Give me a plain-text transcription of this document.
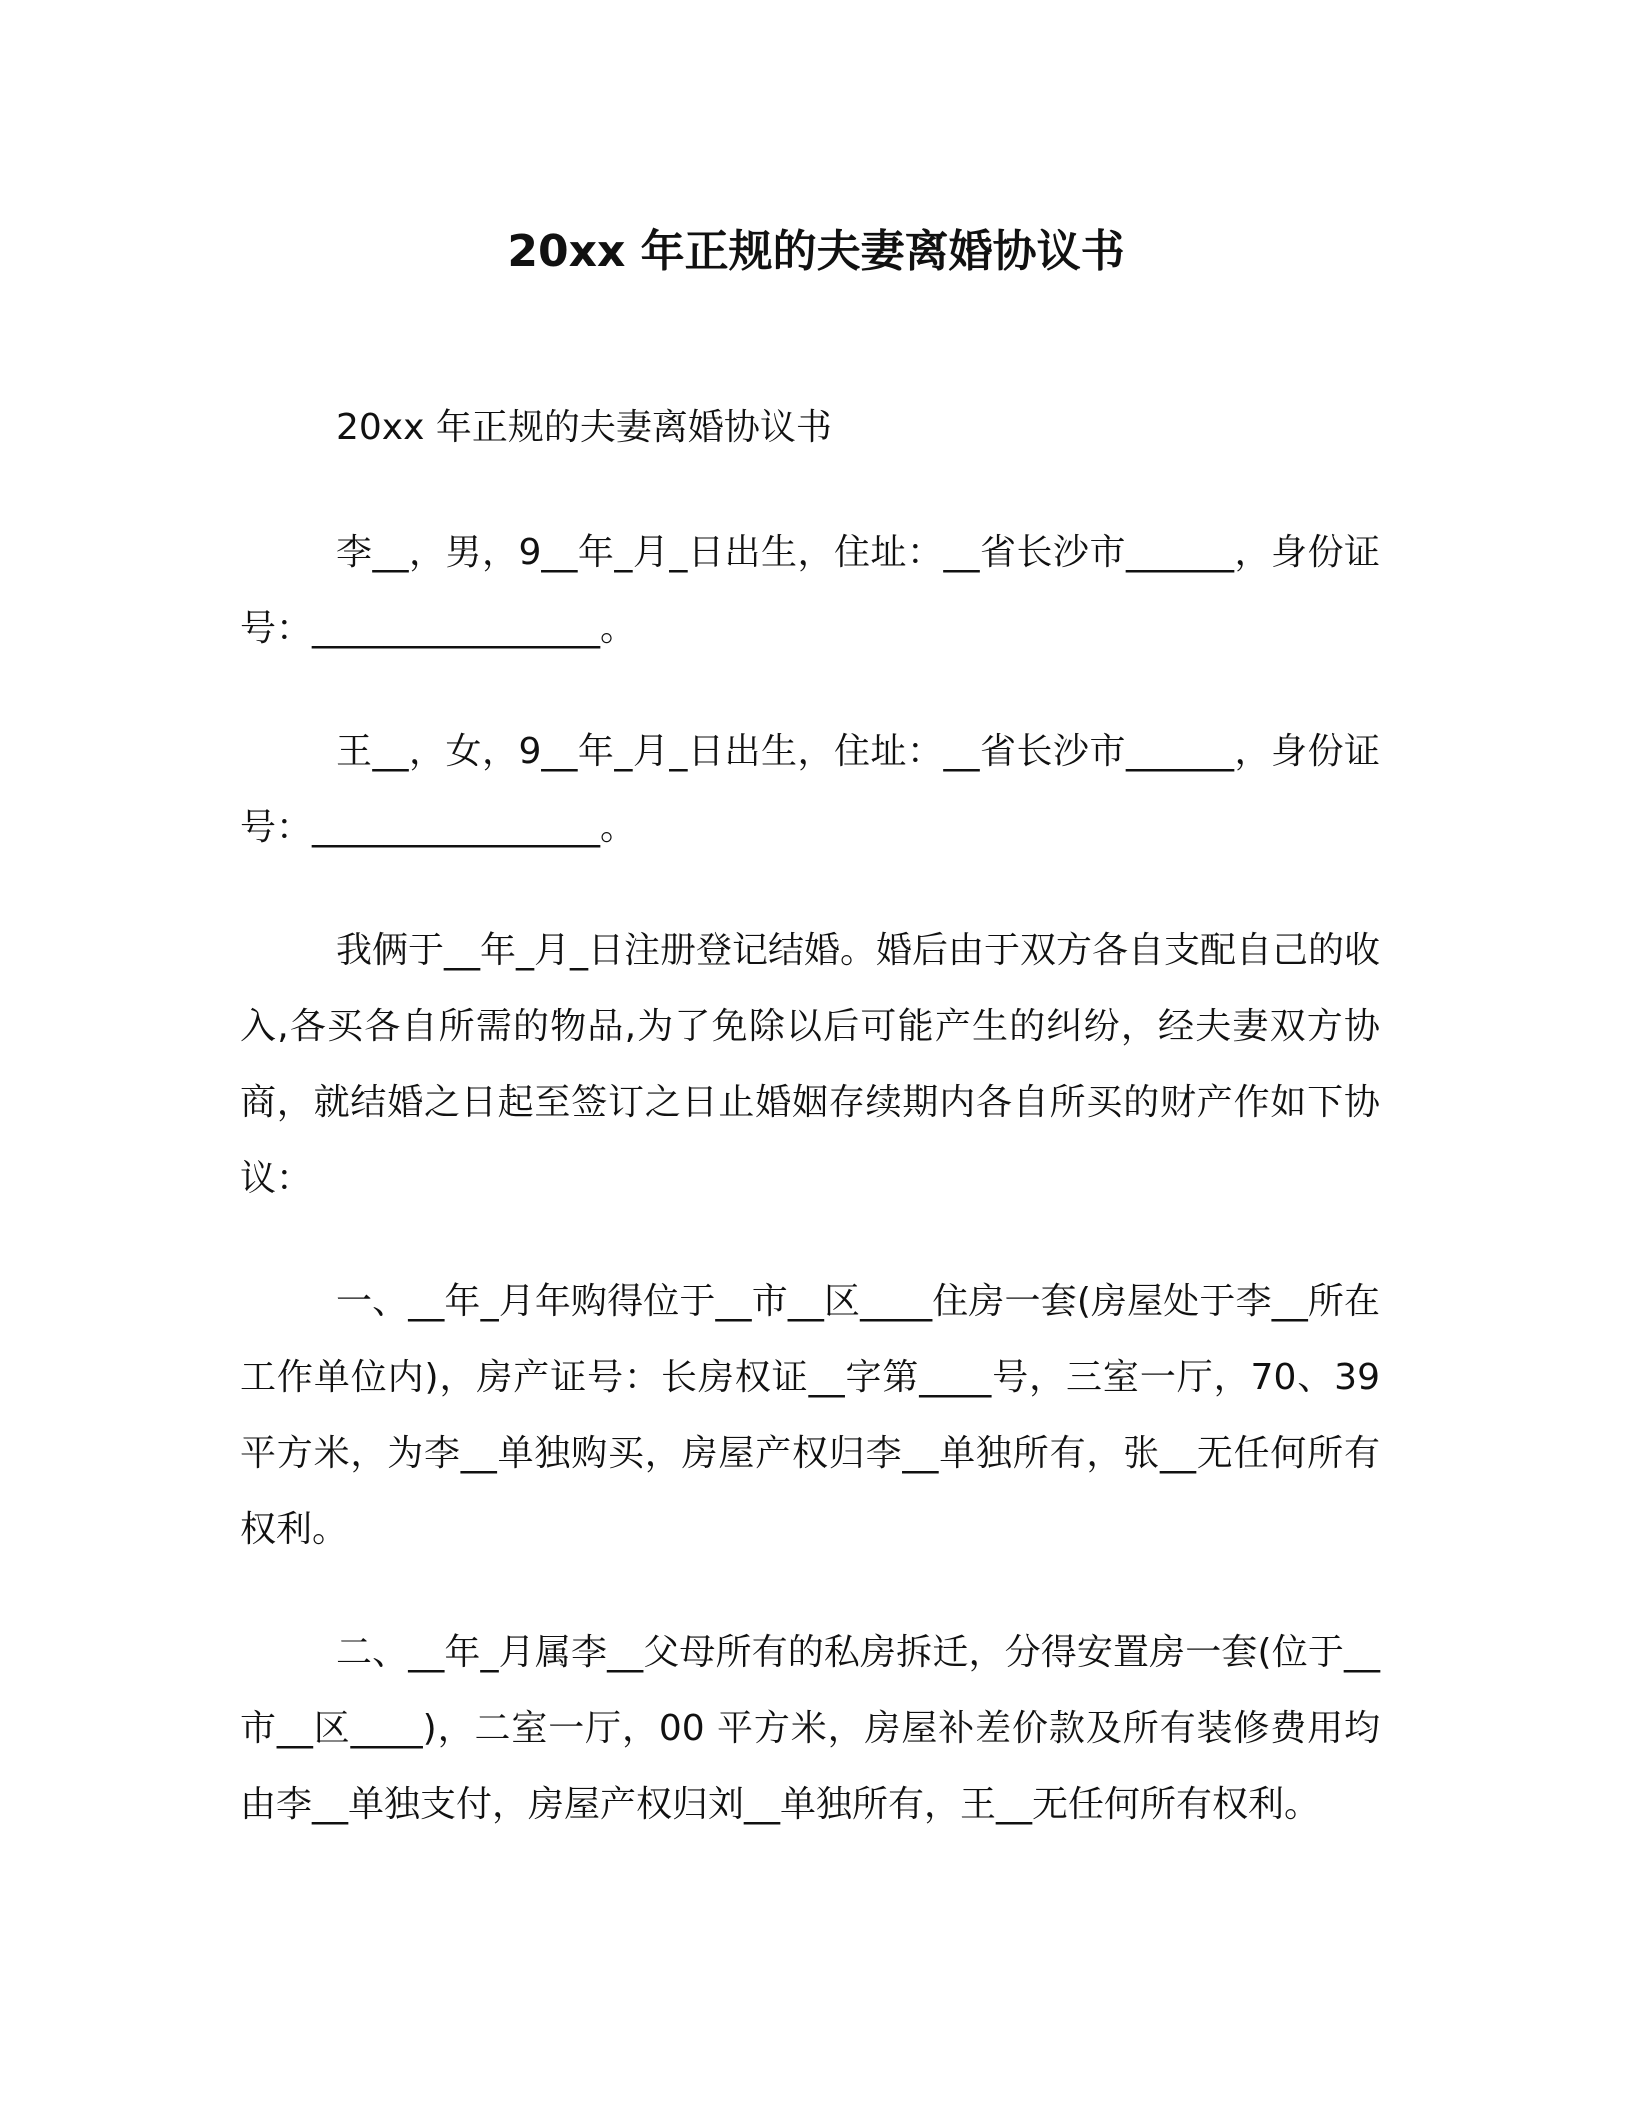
20xx 年正规的夫妻离婚协议书

20xx 年正规的夫妻离婚协议书

李__，男，9__年_月_日出生，住址：__省长沙市______，身份证号：________________。

王__，女，9__年_月_日出生，住址：__省长沙市______，身份证号：________________。

我俩于__年_月_日注册登记结婚。婚后由于双方各自支配自己的收入,各买各自所需的物品,为了免除以后可能产生的纠纷，经夫妻双方协商，就结婚之日起至签订之日止婚姻存续期内各自所买的财产作如下协议：

一、__年_月年购得位于__市__区____住房一套(房屋处于李__所在工作单位内)，房产证号：长房权证__字第____号，三室一厅，70、39 平方米，为李__单独购买，房屋产权归李__单独所有，张__无任何所有权利。

二、__年_月属李__父母所有的私房拆迁，分得安置房一套(位于__市__区____)，二室一厅，00 平方米，房屋补差价款及所有装修费用均由李__单独支付，房屋产权归刘__单独所有，王__无任何所有权利。
